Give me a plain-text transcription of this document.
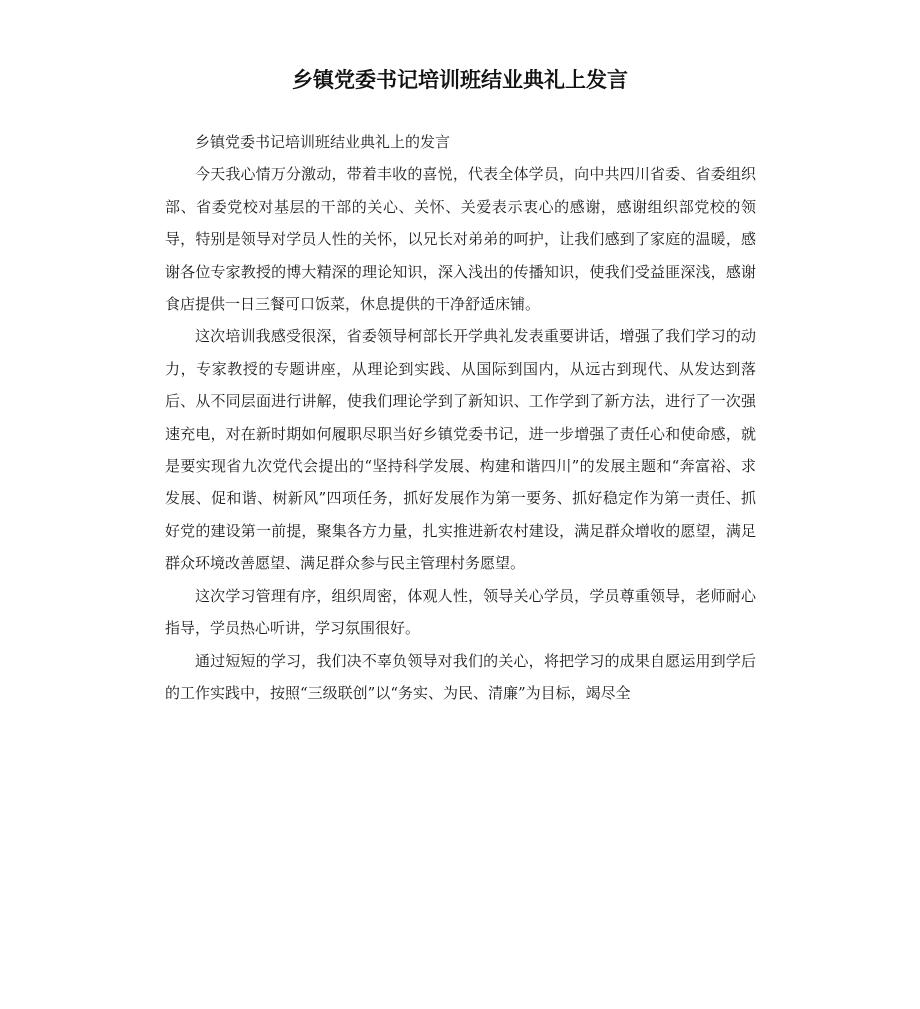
乡镇党委书记培训班结业典礼上发言

乡镇党委书记培训班结业典礼上的发言

今天我心情万分激动，带着丰收的喜悦，代表全体学员，向中共四川省委、省委组织部、省委党校对基层的干部的关心、关怀、关爱表示衷心的感谢，感谢组织部党校的领导，特别是领导对学员人性的关怀，以兄长对弟弟的呵护，让我们感到了家庭的温暖，感谢各位专家教授的博大精深的理论知识，深入浅出的传播知识，使我们受益匪深浅，感谢食店提供一日三餐可口饭菜，休息提供的干净舒适床铺。

这次培训我感受很深，省委领导柯部长开学典礼发表重要讲话，增强了我们学习的动力，专家教授的专题讲座，从理论到实践、从国际到国内，从远古到现代、从发达到落后、从不同层面进行讲解，使我们理论学到了新知识、工作学到了新方法，进行了一次强速充电，对在新时期如何履职尽职当好乡镇党委书记，进一步增强了责任心和使命感，就是要实现省九次党代会提出的“坚持科学发展、构建和谐四川”的发展主题和“奔富裕、求发展、促和谐、树新风”四项任务，抓好发展作为第一要务、抓好稳定作为第一责任、抓好党的建设第一前提，聚集各方力量，扎实推进新农村建设，满足群众增收的愿望，满足群众环境改善愿望、满足群众参与民主管理村务愿望。

这次学习管理有序，组织周密，体观人性，领导关心学员，学员尊重领导，老师耐心指导，学员热心听讲，学习氛围很好。

通过短短的学习，我们决不辜负领导对我们的关心，将把学习的成果自愿运用到学后的工作实践中，按照“三级联创”以“务实、为民、清廉”为目标，竭尽全
